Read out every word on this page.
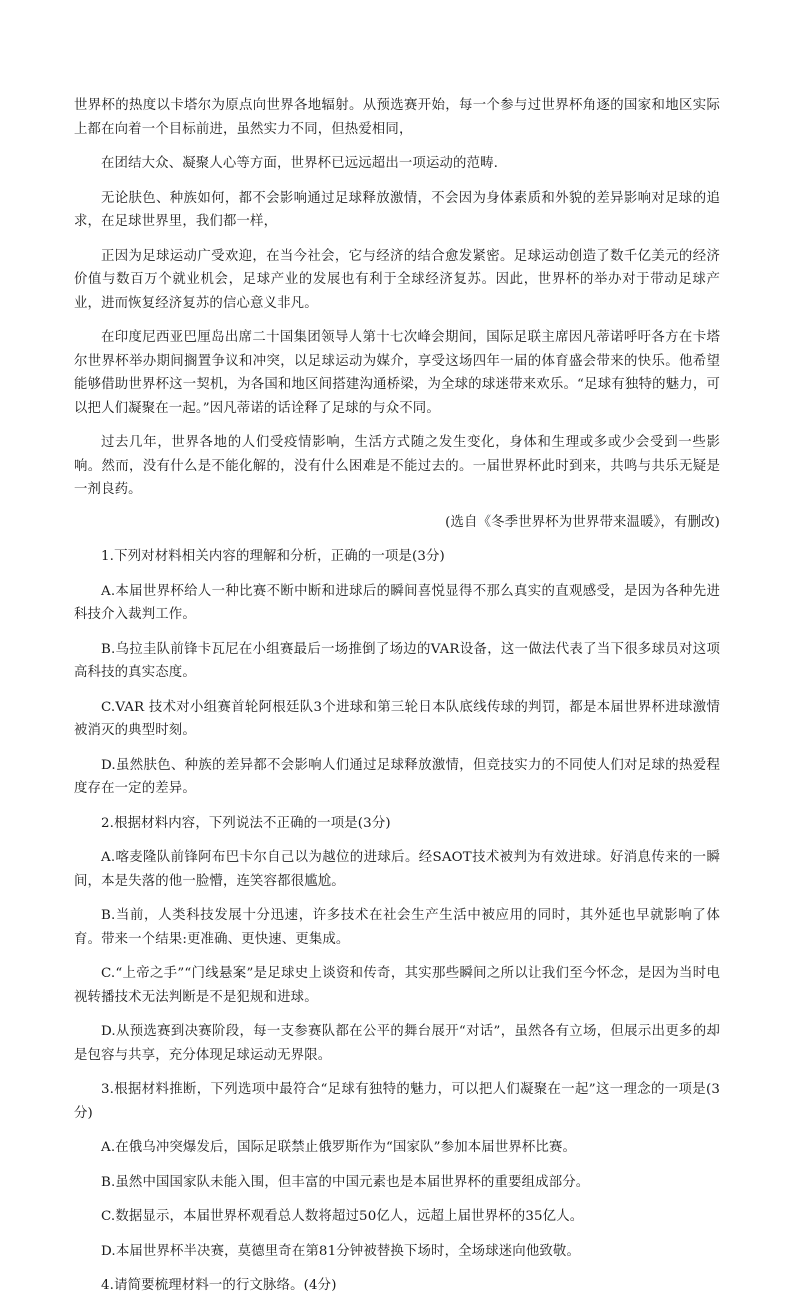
世界杯的热度以卡塔尔为原点向世界各地辐射。从预选赛开始，每一个参与过世界杯角逐的国家和地区实际上都在向着一个目标前进，虽然实力不同，但热爱相同，

在团结大众、凝聚人心等方面，世界杯已远远超出一项运动的范畴.

无论肤色、种族如何，都不会影响通过足球释放激情，不会因为身体素质和外貌的差异影响对足球的追求，在足球世界里，我们都一样，

正因为足球运动广受欢迎，在当今社会，它与经济的结合愈发紧密。足球运动创造了数千亿美元的经济价值与数百万个就业机会，足球产业的发展也有利于全球经济复苏。因此，世界杯的举办对于带动足球产业，进而恢复经济复苏的信心意义非凡。

在印度尼西亚巴厘岛出席二十国集团领导人第十七次峰会期间，国际足联主席因凡蒂诺呼吁各方在卡塔尔世界杯举办期间搁置争议和冲突，以足球运动为媒介，享受这场四年一届的体育盛会带来的快乐。他希望能够借助世界杯这一契机，为各国和地区间搭建沟通桥梁，为全球的球迷带来欢乐。“足球有独特的魅力，可以把人们凝聚在一起。”因凡蒂诺的话诠释了足球的与众不同。

过去几年，世界各地的人们受疫情影响，生活方式随之发生变化，身体和生理或多或少会受到一些影响。然而，没有什么是不能化解的，没有什么困难是不能过去的。一届世界杯此时到来，共鸣与共乐无疑是一剂良药。

(选自《冬季世界杯为世界带来温暖》，有删改)

1.下列对材料相关内容的理解和分析，正确的一项是(3分)

A.本届世界杯给人一种比赛不断中断和进球后的瞬间喜悦显得不那么真实的直观感受，是因为各种先进科技介入裁判工作。

B.乌拉圭队前锋卡瓦尼在小组赛最后一场推倒了场边的VAR设备，这一做法代表了当下很多球员对这项高科技的真实态度。

C.VAR 技术对小组赛首轮阿根廷队3个进球和第三轮日本队底线传球的判罚，都是本届世界杯进球激情被消灭的典型时刻。

D.虽然肤色、种族的差异都不会影响人们通过足球释放激情，但竞技实力的不同使人们对足球的热爱程度存在一定的差异。

2.根据材料内容，下列说法不正确的一项是(3分)

A.喀麦隆队前锋阿布巴卡尔自己以为越位的进球后。经SAOT技术被判为有效进球。好消息传来的一瞬间，本是失落的他一脸懵，连笑容都很尴尬。

B.当前，人类科技发展十分迅速，许多技术在社会生产生活中被应用的同时，其外延也早就影响了体育。带来一个结果:更准确、更快速、更集成。

C.“上帝之手”“门线悬案”是足球史上谈资和传奇，其实那些瞬间之所以让我们至今怀念，是因为当时电视转播技术无法判断是不是犯规和进球。

D.从预选赛到决赛阶段，每一支参赛队都在公平的舞台展开“对话”，虽然各有立场，但展示出更多的却是包容与共享，充分体现足球运动无界限。

3.根据材料推断，下列选项中最符合“足球有独特的魅力，可以把人们凝聚在一起”这一理念的一项是(3分)

A.在俄乌冲突爆发后，国际足联禁止俄罗斯作为“国家队”参加本届世界杯比赛。

B.虽然中国国家队未能入围，但丰富的中国元素也是本届世界杯的重要组成部分。

C.数据显示，本届世界杯观看总人数将超过50亿人，远超上届世界杯的35亿人。

D.本届世界杯半决赛，莫德里奇在第81分钟被替换下场时，全场球迷向他致敬。

4.请简要梳理材料一的行文脉络。(4分)
